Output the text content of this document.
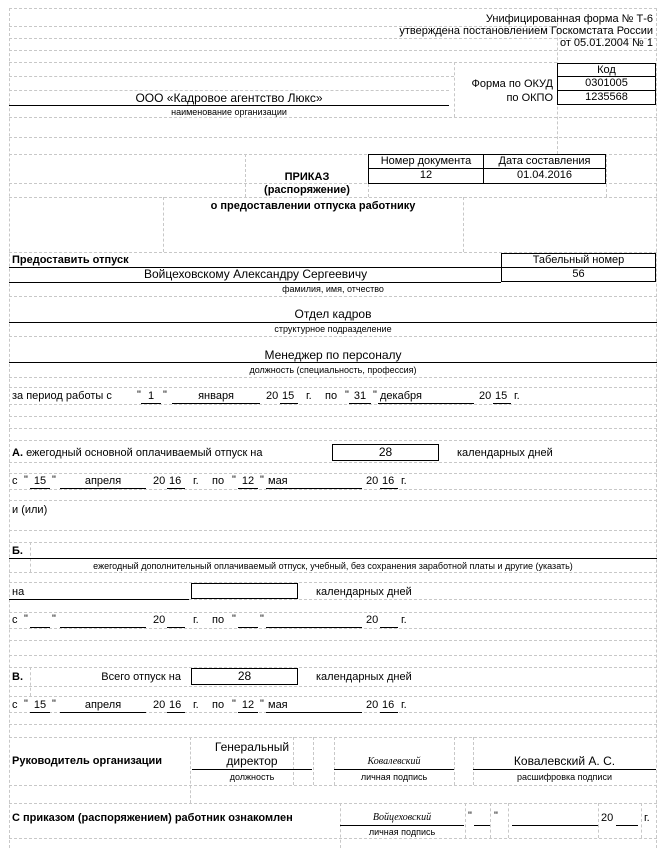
Унифицированная форма № Т-6
утверждена постановлением Госкомстата России
от 05.01.2004 № 1
Код
Форма по ОКУД	0301005
по ОКПО	1235568
ООО «Кадровое агентство Люкс»
наименование организации
Номер документа	Дата составления
ПРИКАЗ	12	01.04.2016
(распоряжение)
о предоставлении отпуска работнику
Предоставить отпуск	Табельный номер
56
Войцеховскому Александру Сергеевичу
фамилия, имя, отчество
Отдел кадров
структурное подразделение
Менеджер по персоналу
должность (специальность, профессия)
за период работы с " 1 "	января	20 15 г. по " 31 " декабря	20 15 г.
А. ежегодный основной оплачиваемый отпуск на	28	календарных дней
с " 15 "	апреля	20 16 г. по " 12 " мая	20 16 г.
и (или)
Б.
ежегодный дополнительный оплачиваемый отпуск, учебный, без сохранения заработной платы и другие (указать)
на	календарных дней
с " "	20	г. по " "	20 г.
В.	Всего отпуск на	28	календарных дней
с " 15 "	апреля	20 16 г. по " 12 " мая	20 16 г.
Руководитель организации
Генеральный
директор
должность
Ковалевский
личная подпись
Ковалевский А. С.
расшифровка подписи
С приказом (распоряжением) работник ознакомлен	Войцеховский
личная подпись
" "	20	г.
